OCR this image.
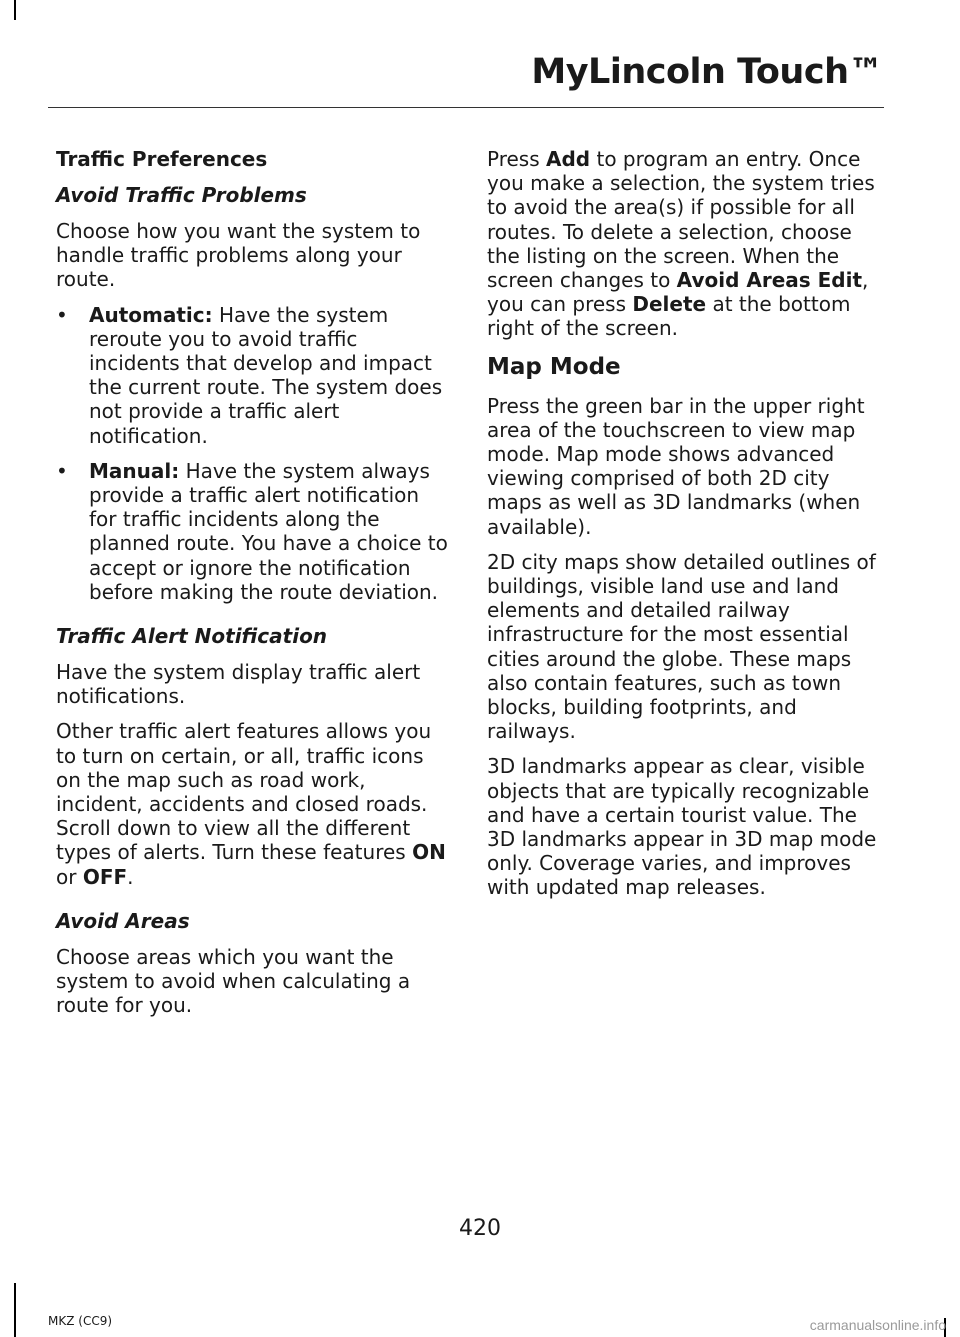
MyLincoln Touch™
Traffic Preferences
Avoid Traffic Problems

Choose how you want the system to handle traffic problems along your route.

• Automatic: Have the system reroute you to avoid traffic incidents that develop and impact the current route. The system does not provide a traffic alert notification.
• Manual: Have the system always provide a traffic alert notification for traffic incidents along the planned route. You have a choice to accept or ignore the notification before making the route deviation.
Traffic Alert Notification

Have the system display traffic alert notifications.

Other traffic alert features allows you to turn on certain, or all, traffic icons on the map such as road work, incident, accidents and closed roads. Scroll down to view all the different types of alerts. Turn these features ON or OFF.

Avoid Areas

Choose areas which you want the system to avoid when calculating a route for you.

Press Add to program an entry. Once you make a selection, the system tries to avoid the area(s) if possible for all routes. To delete a selection, choose the listing on the screen. When the screen changes to Avoid Areas Edit, you can press Delete at the bottom right of the screen.

Map Mode

Press the green bar in the upper right area of the touchscreen to view map mode. Map mode shows advanced viewing comprised of both 2D city maps as well as 3D landmarks (when available).

2D city maps show detailed outlines of buildings, visible land use and land elements and detailed railway infrastructure for the most essential cities around the globe. These maps also contain features, such as town blocks, building footprints, and railways.

3D landmarks appear as clear, visible objects that are typically recognizable and have a certain tourist value. The 3D landmarks appear in 3D map mode only. Coverage varies, and improves with updated map releases.

420
MKZ (CC9)	carmanualsonline.info
